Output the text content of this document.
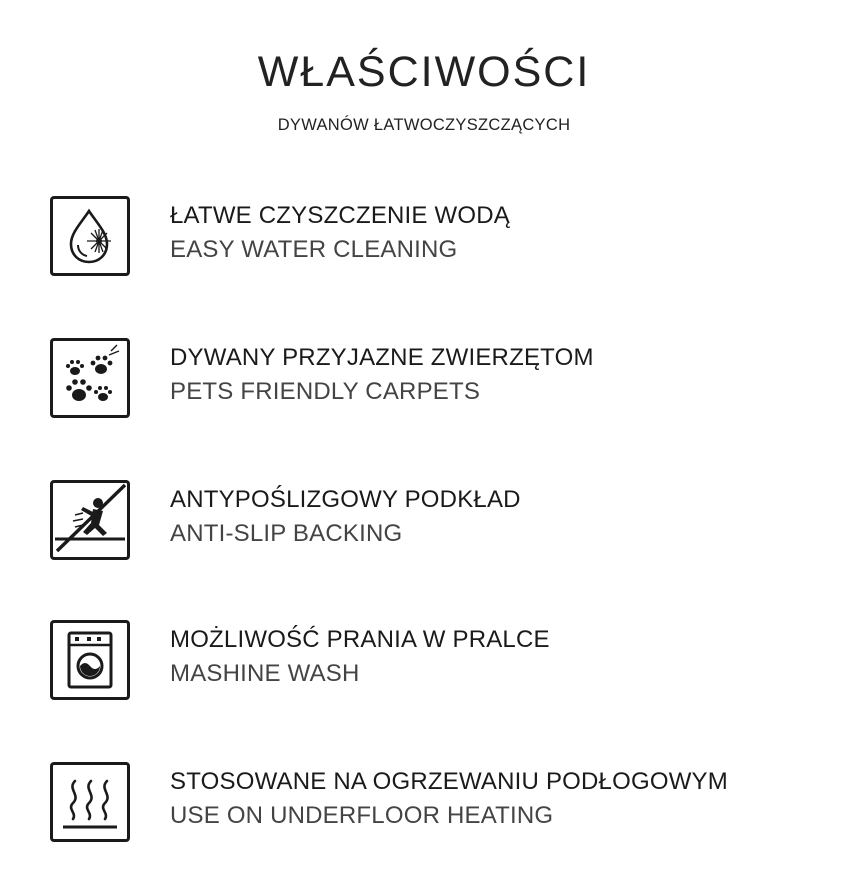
WŁAŚCIWOŚCI
DYWANÓW ŁATWOCZYSZCZĄCYCH
ŁATWE CZYSZCZENIE WODĄ
EASY WATER CLEANING
DYWANY PRZYJAZNE ZWIERZĘTOM
PETS FRIENDLY CARPETS
ANTYPOŚLIZGOWY PODKŁAD
ANTI-SLIP BACKING
MOŻLIWOŚĆ PRANIA W PRALCE
MASHINE WASH
STOSOWANE NA OGRZEWANIU PODŁOGOWYM
USE ON UNDERFLOOR HEATING
